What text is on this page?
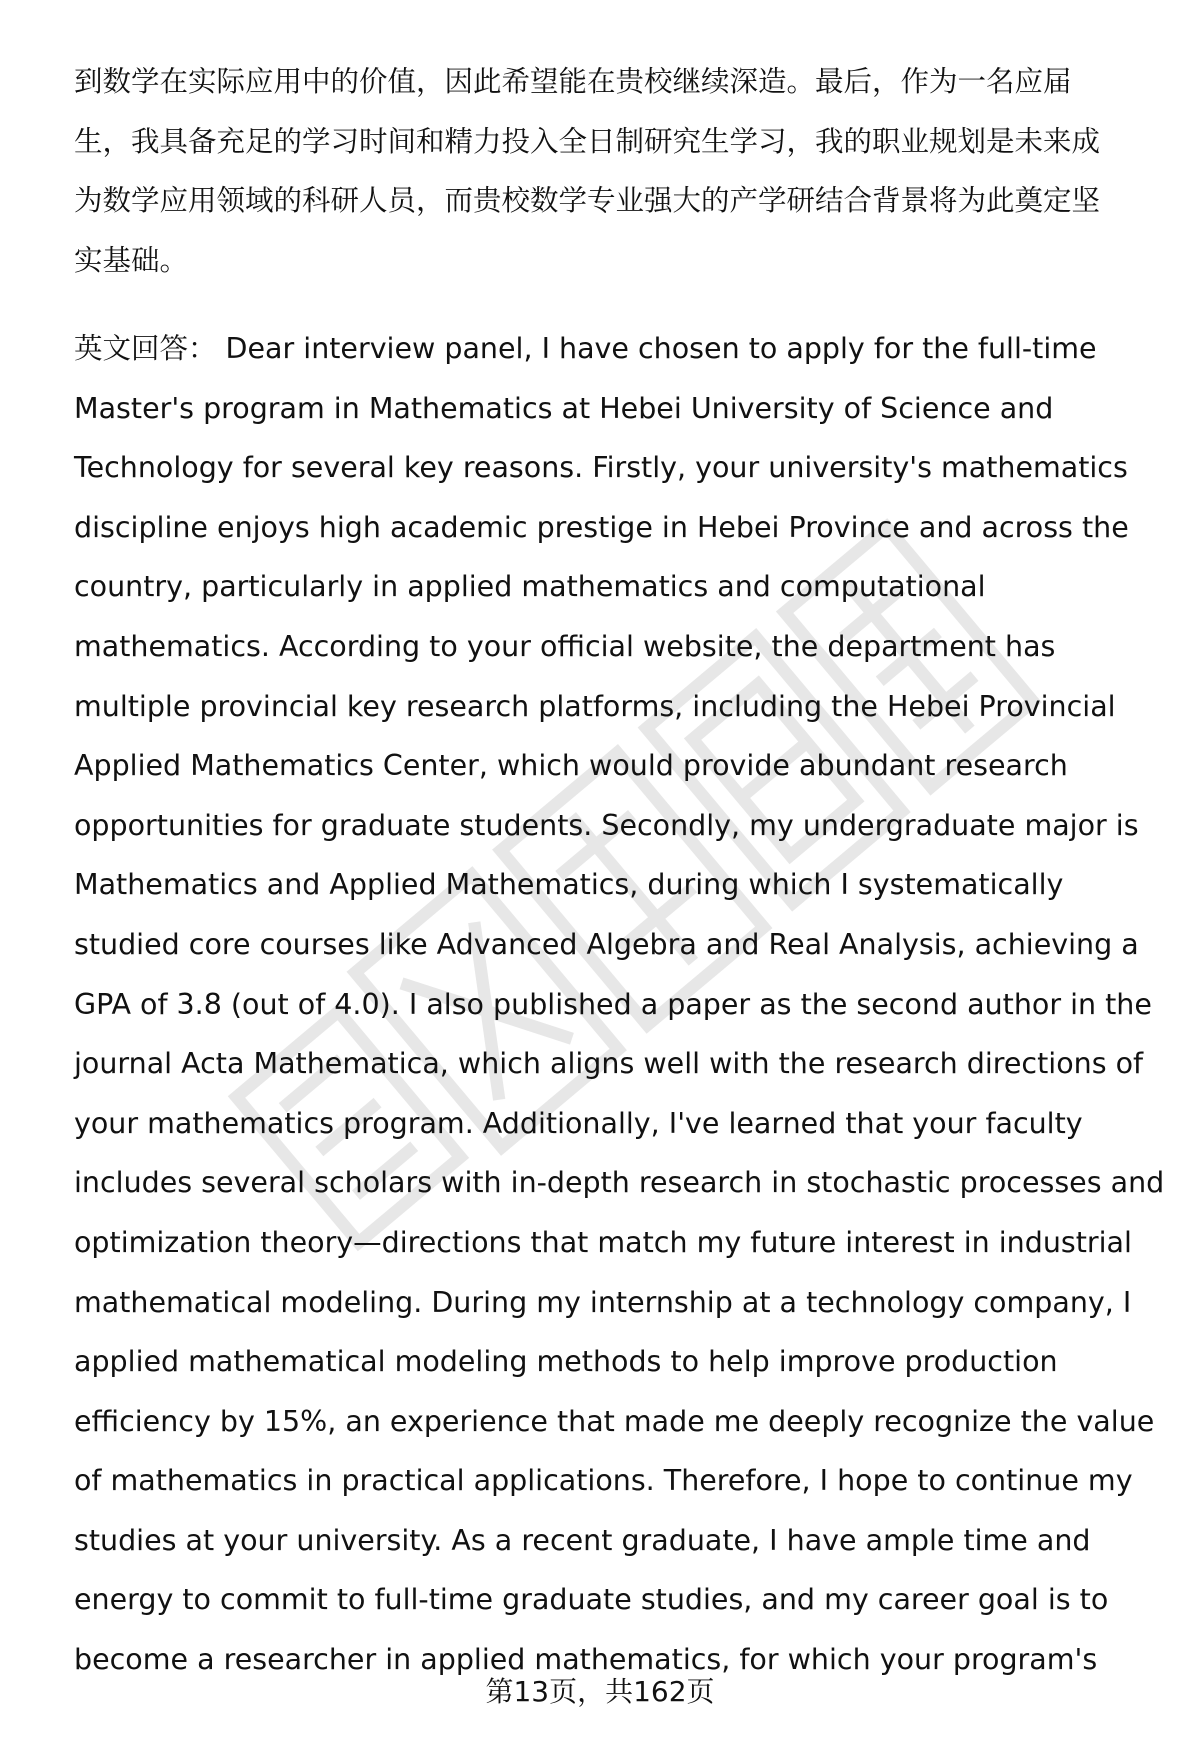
到数学在实际应用中的价值，因此希望能在贵校继续深造。最后，作为一名应届
生，我具备充足的学习时间和精力投入全日制研究生学习，我的职业规划是未来成
为数学应用领域的科研人员，而贵校数学专业强大的产学研结合背景将为此奠定坚
实基础。

英文回答： Dear interview panel, I have chosen to apply for the full-time
Master's program in Mathematics at Hebei University of Science and
Technology for several key reasons. Firstly, your university's mathematics
discipline enjoys high academic prestige in Hebei Province and across the
country, particularly in applied mathematics and computational
mathematics. According to your official website, the department has
multiple provincial key research platforms, including the Hebei Provincial
Applied Mathematics Center, which would provide abundant research
opportunities for graduate students. Secondly, my undergraduate major is
Mathematics and Applied Mathematics, during which I systematically
studied core courses like Advanced Algebra and Real Analysis, achieving a
GPA of 3.8 (out of 4.0). I also published a paper as the second author in the
journal Acta Mathematica, which aligns well with the research directions of
your mathematics program. Additionally, I've learned that your faculty
includes several scholars with in-depth research in stochastic processes and
optimization theory—directions that match my future interest in industrial
mathematical modeling. During my internship at a technology company, I
applied mathematical modeling methods to help improve production
efficiency by 15%, an experience that made me deeply recognize the value
of mathematics in practical applications. Therefore, I hope to continue my
studies at your university. As a recent graduate, I have ample time and
energy to commit to full-time graduate studies, and my career goal is to
become a researcher in applied mathematics, for which your program's

第13页，共162页
